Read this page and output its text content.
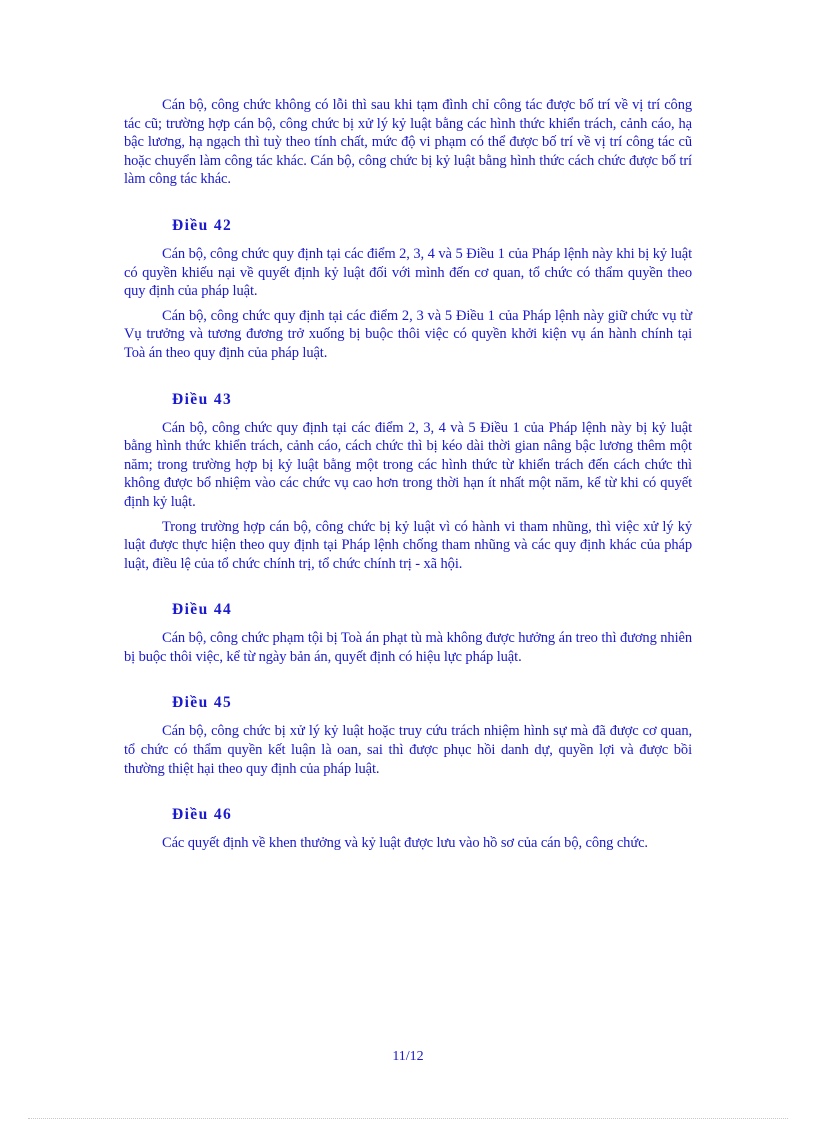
Cán bộ, công chức không có lỗi thì sau khi tạm đình chỉ công tác được bố trí về vị trí công tác cũ; trường hợp cán bộ, công chức bị xử lý kỷ luật bằng các hình thức khiển trách, cảnh cáo, hạ bậc lương, hạ ngạch thì tuỳ theo tính chất, mức độ vi phạm có thể được bố trí về vị trí công tác cũ hoặc chuyển làm công tác khác. Cán bộ, công chức bị kỷ luật bằng hình thức cách chức được bố trí làm công tác khác.

Điều 42

Cán bộ, công chức quy định tại các điểm 2, 3, 4 và 5 Điều 1 của Pháp lệnh này khi bị kỷ luật có quyền khiếu nại về quyết định kỷ luật đối với mình đến cơ quan, tổ chức có thẩm quyền theo quy định của pháp luật.

Cán bộ, công chức quy định tại các điểm 2, 3 và 5 Điều 1 của Pháp lệnh này giữ chức vụ từ Vụ trưởng và tương đương trở xuống bị buộc thôi việc có quyền khởi kiện vụ án hành chính tại Toà án theo quy định của pháp luật.

Điều 43

Cán bộ, công chức quy định tại các điểm 2, 3, 4 và 5 Điều 1 của Pháp lệnh này bị kỷ luật bằng hình thức khiển trách, cảnh cáo, cách chức thì bị kéo dài thời gian nâng bậc lương thêm một năm; trong trường hợp bị kỷ luật bằng một trong các hình thức từ khiển trách đến cách chức thì không được bổ nhiệm vào các chức vụ cao hơn trong thời hạn ít nhất một năm, kể từ khi có quyết định kỷ luật.

Trong trường hợp cán bộ, công chức bị kỷ luật vì có hành vi tham nhũng, thì việc xử lý kỷ luật được thực hiện theo quy định tại Pháp lệnh chống tham nhũng và các quy định khác của pháp luật, điều lệ của tổ chức chính trị, tổ chức chính trị - xã hội.

Điều 44

Cán bộ, công chức phạm tội bị Toà án phạt tù mà không được hưởng án treo thì đương nhiên bị buộc thôi việc, kể từ ngày bản án, quyết định có hiệu lực pháp luật.

Điều 45

Cán bộ, công chức bị xử lý kỷ luật hoặc truy cứu trách nhiệm hình sự mà đã được cơ quan, tổ chức có thẩm quyền kết luận là oan, sai thì được phục hồi danh dự, quyền lợi và được bồi thường thiệt hại theo quy định của pháp luật.

Điều 46

Các quyết định về khen thưởng và kỷ luật được lưu vào hồ sơ của cán bộ, công chức.

11/12
